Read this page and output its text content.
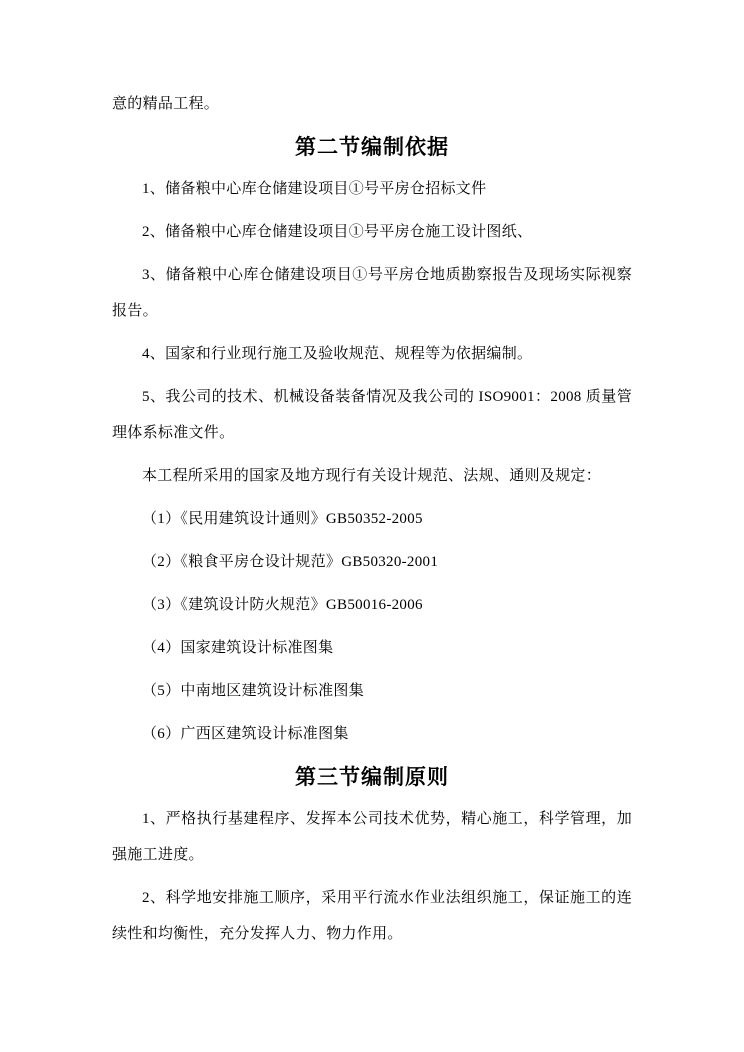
意的精品工程。

第二节编制依据

1、储备粮中心库仓储建设项目①号平房仓招标文件

2、储备粮中心库仓储建设项目①号平房仓施工设计图纸、

3、储备粮中心库仓储建设项目①号平房仓地质勘察报告及现场实际视察报告。

4、国家和行业现行施工及验收规范、规程等为依据编制。

5、我公司的技术、机械设备装备情况及我公司的 ISO9001：2008 质量管理体系标准文件。

本工程所采用的国家及地方现行有关设计规范、法规、通则及规定：

（1）《民用建筑设计通则》GB50352-2005

（2）《粮食平房仓设计规范》GB50320-2001

（3）《建筑设计防火规范》GB50016-2006

（4）国家建筑设计标准图集

（5）中南地区建筑设计标准图集

（6）广西区建筑设计标准图集

第三节编制原则

1、严格执行基建程序、发挥本公司技术优势，精心施工，科学管理，加强施工进度。

2、科学地安排施工顺序，采用平行流水作业法组织施工，保证施工的连续性和均衡性，充分发挥人力、物力作用。
